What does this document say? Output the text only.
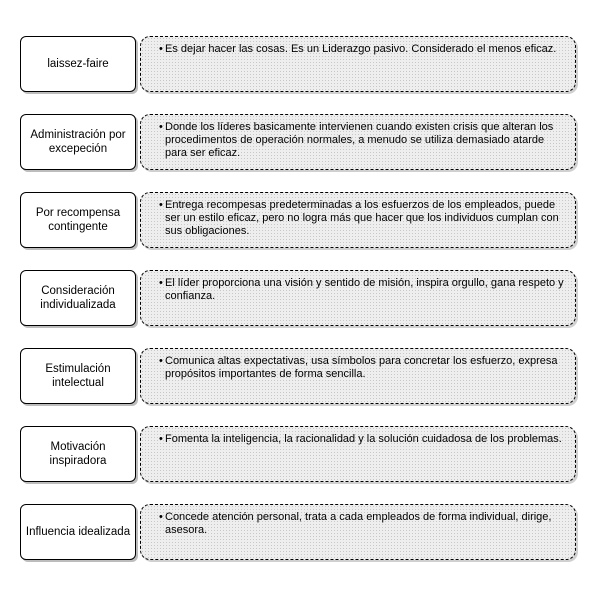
laissez-faire
• Es dejar hacer las cosas. Es un Liderazgo pasivo. Considerado el menos eficaz.
Administración por excepeción
• Donde los líderes basicamente intervienen cuando existen crisis que alteran los procedimentos de operación normales, a menudo se utiliza demasiado atarde para ser eficaz.
Por recompensa contingente
• Entrega recompesas predeterminadas a los esfuerzos de los empleados, puede ser un estilo eficaz, pero no logra más que hacer que los individuos cumplan con sus obligaciones.
Consideración individualizada
• El líder proporciona una visión y sentido de misión, inspira orgullo, gana respeto y confianza.
Estimulación intelectual
• Comunica altas expectativas, usa símbolos para concretar los esfuerzo, expresa propósitos importantes de forma sencilla.
Motivación inspiradora
• Fomenta la inteligencia, la racionalidad y la solución cuidadosa de los problemas.
Influencia idealizada
• Concede atención personal, trata a cada empleados de forma individual, dirige, asesora.
